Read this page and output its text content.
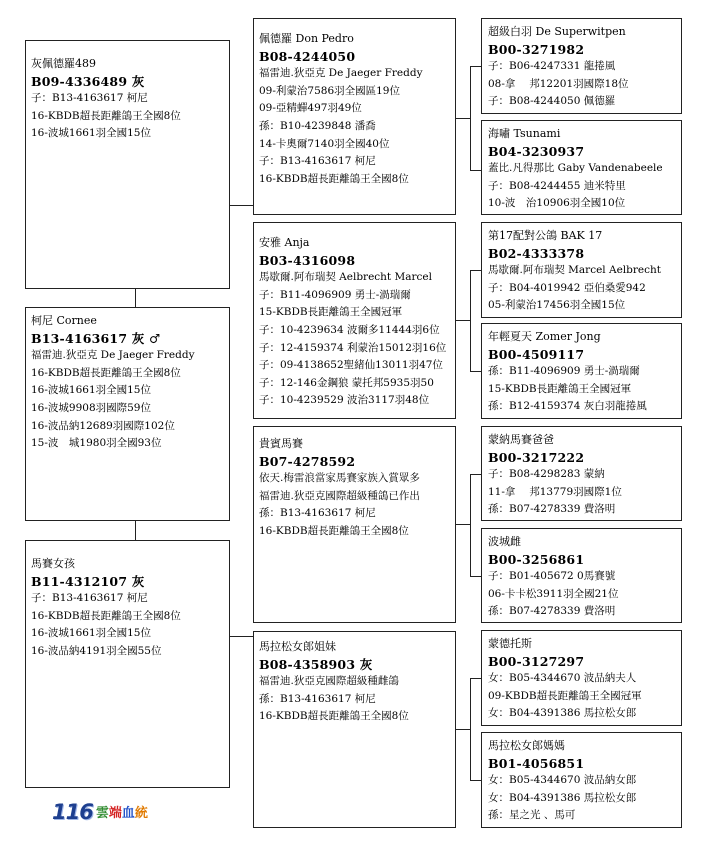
灰佩德羅489
B09-4336489 灰
子：B13-4163617 柯尼
16-KBDB超長距離鴿王全國8位
16-波城1661羽全國15位
柯尼 Cornee
B13-4163617 灰 ♂
福雷迪.狄亞克 De Jaeger Freddy
16-KBDB超長距離鴿王全國8位
16-波城1661羽全國15位
16-波城9908羽國際59位
16-波品納12689羽國際102位
15-波　城1980羽全國93位
馬賽女孩
B11-4312107 灰
子：B13-4163617 柯尼
16-KBDB超長距離鴿王全國8位
16-波城1661羽全國15位
16-波品納4191羽全國55位
佩德羅 Don Pedro
B08-4244050
福雷迪.狄亞克 De Jaeger Freddy
09-利蒙治7586羽全國區19位
09-亞精蟬497羽49位
孫：B10-4239848 潘喬
14-卡奧爾7140羽全國40位
子：B13-4163617 柯尼
16-KBDB超長距離鴿王全國8位
安雅 Anja
B03-4316098
馬歇爾.阿布瑞契 Aelbrecht Marcel
子：B11-4096909 勇士-渦瑞爾
15-KBDB長距離鴿王全國冠軍
子：10-4239634 波爾多11444羽6位
子：12-4159374 利蒙治15012羽16位
子：09-4138652聖緒仙13011羽47位
子：12-146金鋼狼 蒙托邦5935羽50
子：10-4239529 波治3117羽48位
貴賓馬賽
B07-4278592
依天.梅雷浪當家馬賽家族入賞眾多
福雷迪.狄亞克國際超級種鴿已作出
孫：B13-4163617 柯尼
16-KBDB超長距離鴿王全國8位
馬拉松女郎姐妹
B08-4358903 灰
福雷迪.狄亞克國際超級種雌鴿
孫：B13-4163617 柯尼
16-KBDB超長距離鴿王全國8位
超級白羽 De Superwitpen
B00-3271982
子：B06-4247331 龍捲風
08-拿　 邦12201羽國際18位
子：B08-4244050 佩德羅
海嘯 Tsunami
B04-3230937
蓋比.凡得那比 Gaby Vandenabeele
子：B08-4244455 迪米特里
10-波　治10906羽全國10位
第17配對公鴿 BAK 17
B02-4333378
馬歇爾.阿布瑞契 Marcel Aelbrecht
子：B04-4019942 亞伯桑愛942
05-利蒙治17456羽全國15位
年輕夏天 Zomer Jong
B00-4509117
孫：B11-4096909 勇士-渦瑞爾
15-KBDB長距離鴿王全國冠軍
孫：B12-4159374 灰白羽龍捲風
蒙納馬賽爸爸
B00-3217222
子：B08-4298283 蒙納
11-拿　 邦13779羽國際1位
孫：B07-4278339 費洛明
波城雌
B00-3256861
子：B01-405672 0馬賽號
06-卡卡松3911羽全國21位
孫：B07-4278339 費洛明
蒙德托斯
B00-3127297
女：B05-4344670 波品納夫人
09-KBDB超長距離鴿王全國冠軍
女：B04-4391386 馬拉松女郎
馬拉松女郎媽媽
B01-4056851
女：B05-4344670 波品納女郎
女：B04-4391386 馬拉松女郎
孫：星之光 、馬可
116 雲端血統
